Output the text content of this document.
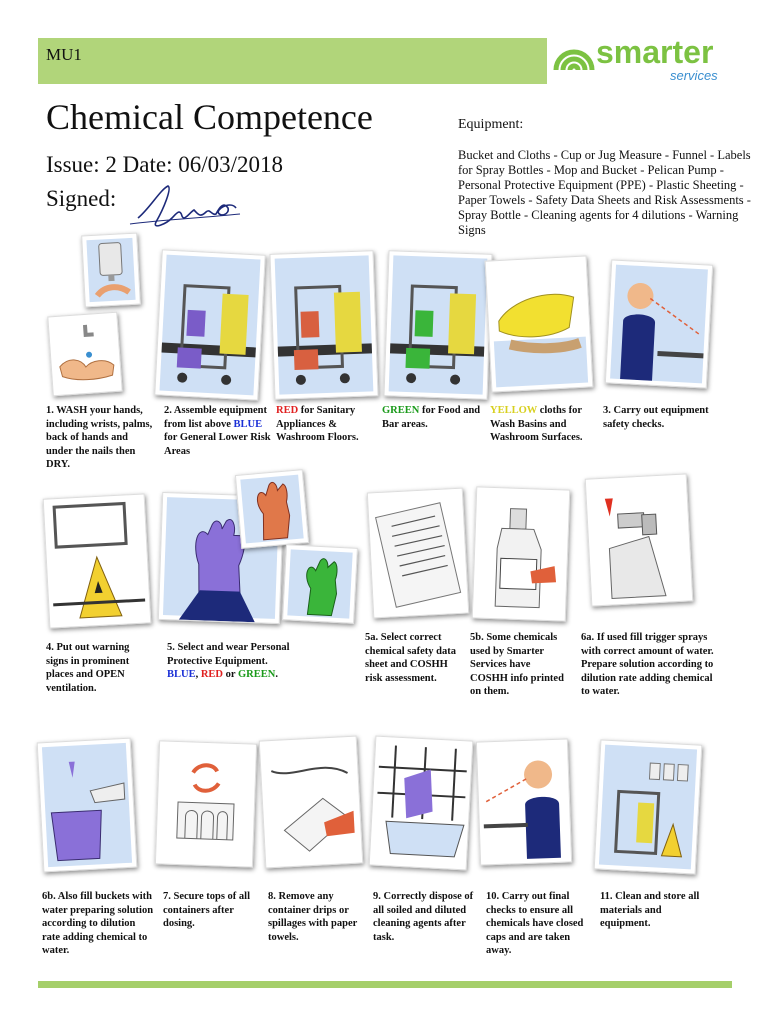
MU1	smarter
services
Chemical Competence
Issue: 2 Date: 06/03/2018
Signed:
Equipment:
Bucket and Cloths - Cup or Jug Measure - Funnel - Labels for Spray Bottles - Mop and Bucket - Pelican Pump - Personal Protective Equipment (PPE) - Plastic Sheeting - Paper Towels - Safety Data Sheets and Risk Assessments - Spray Bottle - Cleaning agents for 4 dilutions - Warning Signs
1. WASH your hands, including wrists, palms, back of hands and under the nails then DRY.
2. Assemble equipment from list above BLUE for General Lower Risk Areas
RED for Sanitary Appliances & Washroom Floors.
GREEN for Food and Bar areas.
YELLOW cloths for Wash Basins and Washroom Surfaces.
3. Carry out equipment safety checks.
4. Put out warning signs in prominent places and OPEN ventilation.
5. Select and wear Personal Protective Equipment.
BLUE, RED or GREEN.
5a. Select correct chemical safety data sheet and COSHH risk assessment.
5b. Some chemicals used by Smarter Services have COSHH info printed on them.
6a. If used fill trigger sprays with correct amount of water. Prepare solution according to dilution rate adding chemical to water.
6b. Also fill buckets with water preparing solution according to dilution rate adding chemical to water.
7. Secure tops of all containers after dosing.
8. Remove any container drips or spillages with paper towels.
9. Correctly dispose of all soiled and diluted cleaning agents after task.
10. Carry out final checks to ensure all chemicals have closed caps and are taken away.
11. Clean and store all materials and equipment.
